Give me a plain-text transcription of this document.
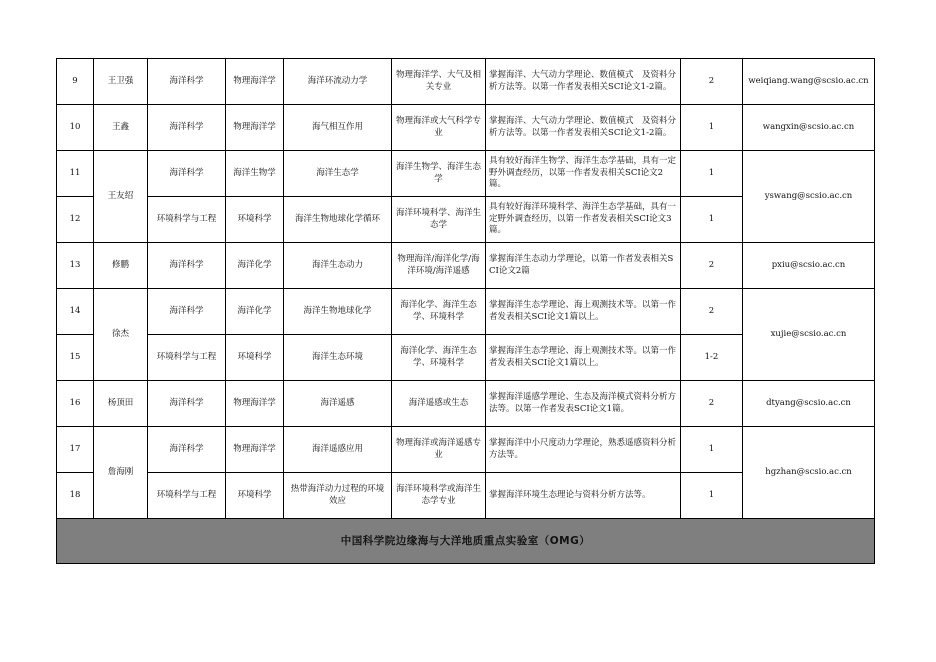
9	王卫强	海洋科学	物理海洋学	海洋环流动力学	物理海洋学、大气及相关专业	掌握海洋、大气动力学理论、数值模式　及资料分析方法等。以第一作者发表相关SCI论文1-2篇。	2	weiqiang.wang@scsio.ac.cn
10	王鑫	海洋科学	物理海洋学	海气相互作用	物理海洋或大气科学专业	掌握海洋、大气动力学理论、数值模式　及资料分析方法等。以第一作者发表相关SCI论文1-2篇。	1	wangxin@scsio.ac.cn
11	王友绍	海洋科学	海洋生物学	海洋生态学	海洋生物学、海洋生态学	具有较好海洋生物学、海洋生态学基础，具有一定野外调查经历，以第一作者发表相关SCI论文2篇。	1	yswang@scsio.ac.cn
12		环境科学与工程	环境科学	海洋生物地球化学循环	海洋环境科学、海洋生态学	具有较好海洋环境科学、海洋生态学基础，具有一定野外调查经历，以第一作者发表相关SCI论文3篇。	1	
13	修鹏	海洋科学	海洋化学	海洋生态动力	物理海洋/海洋化学/海洋环境/海洋遥感	掌握海洋生态动力学理论，以第一作者发表相关SCI论文2篇	2	pxiu@scsio.ac.cn
14	徐杰	海洋科学	海洋化学	海洋生物地球化学	海洋化学、海洋生态学、环境科学	掌握海洋生态学理论、海上观测技术等。以第一作者发表相关SCI论文1篇以上。	2	xujie@scsio.ac.cn
15		环境科学与工程	环境科学	海洋生态环境	海洋化学、海洋生态学、环境科学	掌握海洋生态学理论、海上观测技术等。以第一作者发表相关SCI论文1篇以上。	1-2	
16	杨顶田	海洋科学	物理海洋学	海洋遥感	海洋遥感或生态	掌握海洋遥感学理论、生态及海洋模式资料分析方法等。以第一作者发表SCI论文1篇。	2	dtyang@scsio.ac.cn
17	詹海刚	海洋科学	物理海洋学	海洋遥感应用	物理海洋或海洋遥感专业	掌握海洋中小尺度动力学理论，熟悉遥感资料分析方法等。	1	hgzhan@scsio.ac.cn
18		环境科学与工程	环境科学	热带海洋动力过程的环境效应	海洋环境科学或海洋生态学专业	掌握海洋环境生态理论与资料分析方法等。	1	
中国科学院边缘海与大洋地质重点实验室（OMG）								
